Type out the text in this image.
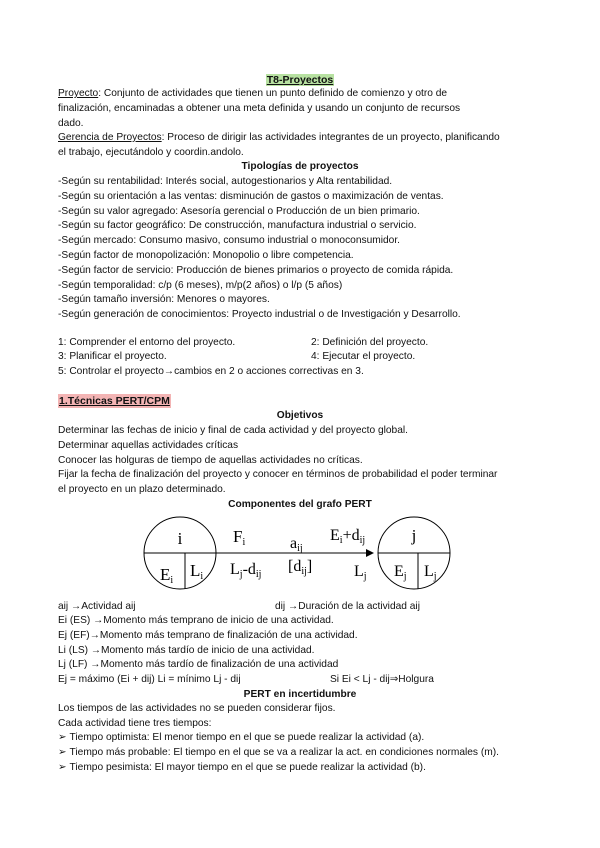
T8-Proyectos
Proyecto: Conjunto de actividades que tienen un punto definido de comienzo y otro de
finalización, encaminadas a obtener una meta definida y usando un conjunto de recursos
dado.
Gerencia de Proyectos: Proceso de dirigir las actividades integrantes de un proyecto, planificando
el trabajo, ejecutándolo y coordin.andolo.
Tipologías de proyectos
-Según su rentabilidad: Interés social, autogestionarios y Alta rentabilidad.
-Según su orientación a las ventas: disminución de gastos o maximización de ventas.
-Según su valor agregado: Asesoría gerencial o Producción de un bien primario.
-Según su factor geográfico: De construcción, manufactura industrial o servicio.
-Según mercado: Consumo masivo, consumo industrial o monoconsumidor.
-Según factor de monopolización: Monopolio o libre competencia.
-Según factor de servicio: Producción de bienes primarios o proyecto de comida rápida.
-Según temporalidad: c/p (6 meses), m/p(2 años) o l/p (5 años)
-Según tamaño inversión: Menores o mayores.
-Según generación de conocimientos: Proyecto industrial o de Investigación y Desarrollo.
1: Comprender el entorno del proyecto.	2: Definición del proyecto.
3: Planificar el proyecto.	4: Ejecutar el proyecto.
5: Controlar el proyecto→cambios en 2 o acciones correctivas en 3.
1.Técnicas PERT/CPM
Objetivos
Determinar las fechas de inicio y final de cada actividad y del proyecto global.
Determinar aquellas actividades críticas
Conocer las holguras de tiempo de aquellas actividades no críticas.
Fijar la fecha de finalización del proyecto y conocer en términos de probabilidad el poder terminar
el proyecto en un plazo determinado.
Componentes del grafo PERT
i
Ei
Li
Fi
Lj-dij
aij
[dij]
Ei+dij
Lj
j
Ej Lj
aij →Actividad aij	dij →Duración de la actividad aij
Ei (ES) →Momento más temprano de inicio de una actividad.
Ej (EF)→Momento más temprano de finalización de una actividad.
Li (LS) →Momento más tardío de inicio de una actividad.
Lj (LF) →Momento más tardío de finalización de una actividad
Ej = máximo (Ei + dij) Li = mínimo Lj - dij	Si Ei < Lj - dij⇒Holgura
PERT en incertidumbre
Los tiempos de las actividades no se pueden considerar fijos.
Cada actividad tiene tres tiempos:
➢ Tiempo optimista: El menor tiempo en el que se puede realizar la actividad (a).
➢ Tiempo más probable: El tiempo en el que se va a realizar la act. en condiciones normales (m).
➢ Tiempo pesimista: El mayor tiempo en el que se puede realizar la actividad (b).
